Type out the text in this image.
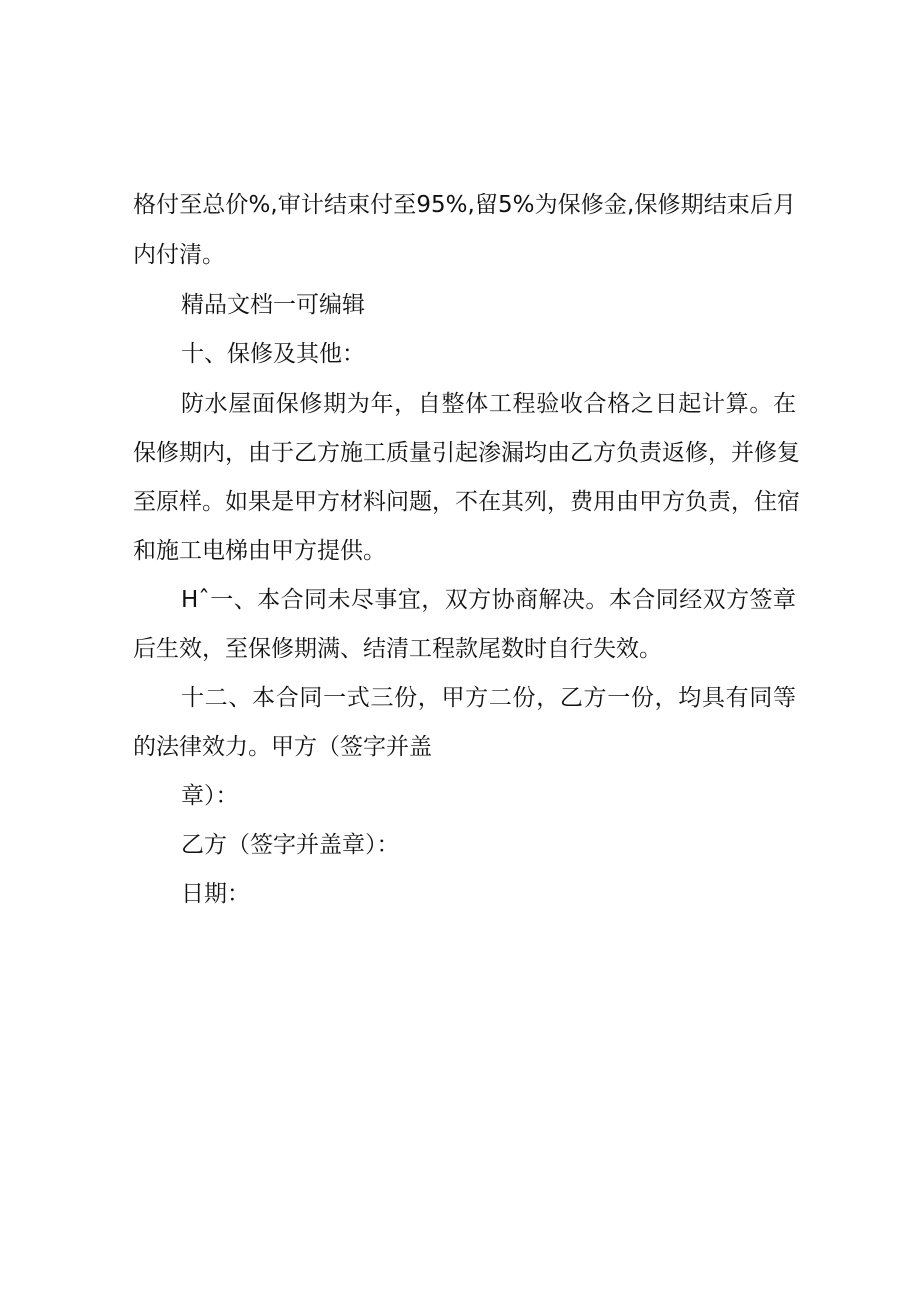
格付至总价%,审计结束付至95%,留5%为保修金,保修期结束后月
内付清。
精品文档一可编辑
十、保修及其他：
防水屋面保修期为年，自整体工程验收合格之日起计算。在
保修期内，由于乙方施工质量引起渗漏均由乙方负责返修，并修复
至原样。如果是甲方材料问题，不在其列，费用由甲方负责，住宿
和施工电梯由甲方提供。
Hˆ一、本合同未尽事宜，双方协商解决。本合同经双方签章
后生效，至保修期满、结清工程款尾数时自行失效。
十二、本合同一式三份，甲方二份，乙方一份，均具有同等
的法律效力。甲方（签字并盖
章）：
乙方（签字并盖章）：
日期：
